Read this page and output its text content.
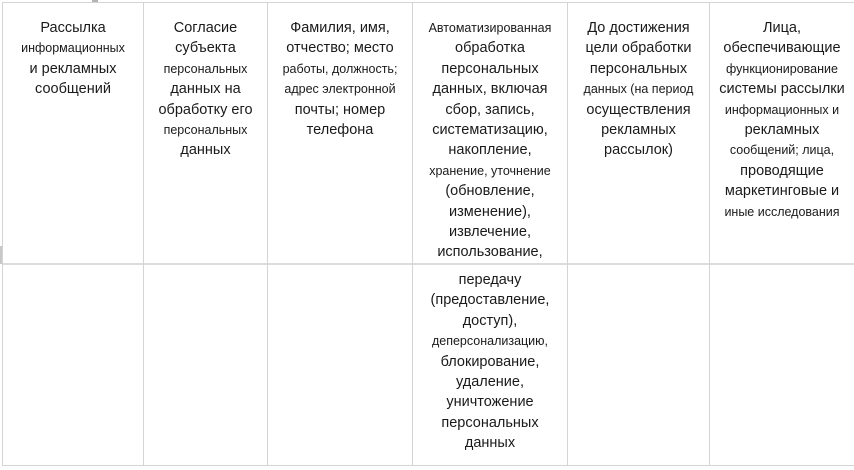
Рассылка
информационных
и рекламных
сообщений

Согласие
субъекта
персональных
данных на
обработку его
персональных
данных

Фамилия, имя,
отчество; место
работы, должность;
адрес электронной
почты; номер
телефона

Автоматизированная
обработка
персональных
данных, включая
сбор, запись,
систематизацию,
накопление,
хранение, уточнение
(обновление,
изменение),
извлечение,
использование,

До достижения
цели обработки
персональных
данных (на период
осуществления
рекламных
рассылок)

Лица,
обеспечивающие
функционирование
системы рассылки
информационных и
рекламных
сообщений; лица,
проводящие
маркетинговые и
иные исследования

передачу
(предоставление,
доступ),
деперсонализацию,
блокирование,
удаление,
уничтожение
персональных
данных
